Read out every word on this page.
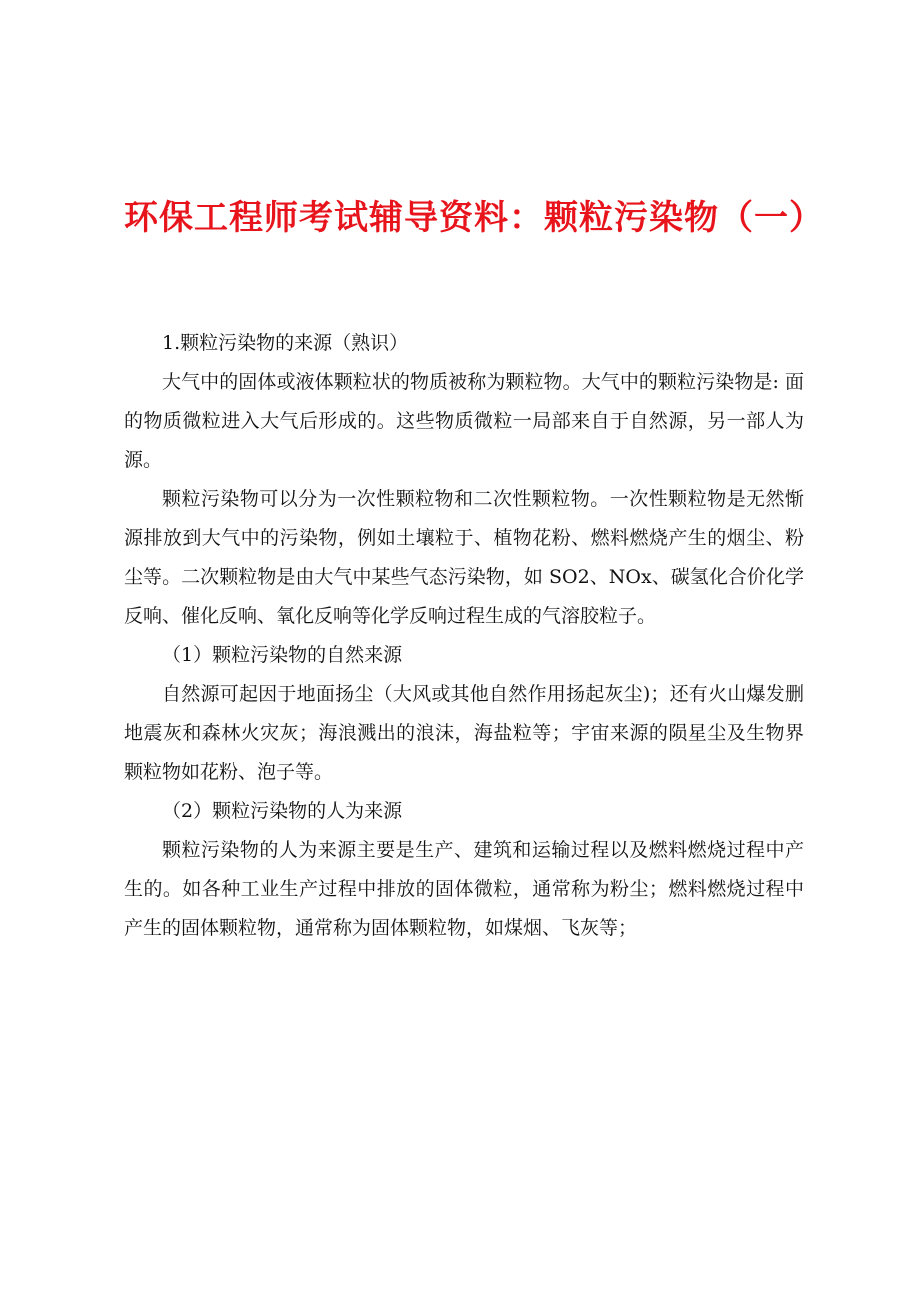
环保工程师考试辅导资料：颗粒污染物（一）

1.颗粒污染物的来源（熟识）

大气中的固体或液体颗粒状的物质被称为颗粒物。大气中的颗粒污染物是: 面的物质微粒进入大气后形成的。这些物质微粒一局部来自于自然源，另一部人为源。

颗粒污染物可以分为一次性颗粒物和二次性颗粒物。一次性颗粒物是无然惭源排放到大气中的污染物，例如土壤粒于、植物花粉、燃料燃烧产生的烟尘、粉尘等。二次颗粒物是由大气中某些气态污染物，如 SO2、NOx、碳氢化合价化学反响、催化反响、氧化反响等化学反响过程生成的气溶胶粒子。

（1）颗粒污染物的自然来源

自然源可起因于地面扬尘（大风或其他自然作用扬起灰尘)；还有火山爆发删地震灰和森林火灾灰；海浪溅出的浪沫，海盐粒等；宇宙来源的陨星尘及生物界颗粒物如花粉、泡子等。

（2）颗粒污染物的人为来源

颗粒污染物的人为来源主要是生产、建筑和运输过程以及燃料燃烧过程中产生的。如各种工业生产过程中排放的固体微粒，通常称为粉尘；燃料燃烧过程中产生的固体颗粒物，通常称为固体颗粒物，如煤烟、飞灰等；
